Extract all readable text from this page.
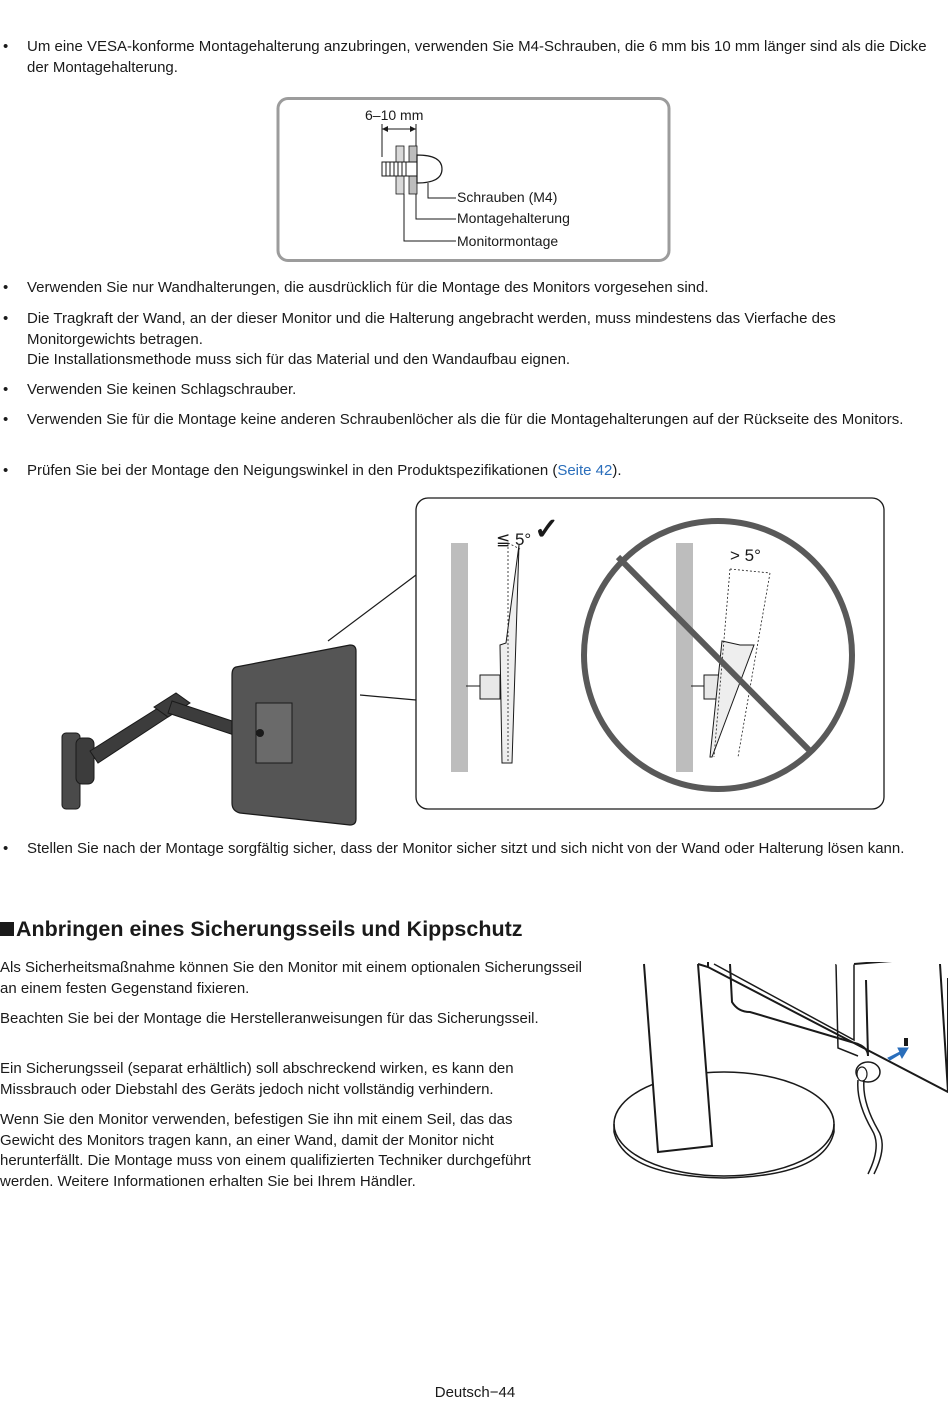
• Um eine VESA-konforme Montagehalterung anzubringen, verwenden Sie M4-Schrauben, die 6 mm bis 10 mm länger sind als die Dicke der Montagehalterung.
6–10 mm
Schrauben (M4)
Montagehalterung
Monitormontage
• Verwenden Sie nur Wandhalterungen, die ausdrücklich für die Montage des Monitors vorgesehen sind.
• Die Tragkraft der Wand, an der dieser Monitor und die Halterung angebracht werden, muss mindestens das Vierfache des Monitorgewichts betragen.
Die Installationsmethode muss sich für das Material und den Wandaufbau eignen.
• Verwenden Sie keinen Schlagschrauber.
• Verwenden Sie für die Montage keine anderen Schraubenlöcher als die für die Montagehalterungen auf der Rückseite des Monitors.
• Prüfen Sie bei der Montage den Neigungswinkel in den Produktspezifikationen (Seite 42).
≦ 5° ✓
> 5°
• Stellen Sie nach der Montage sorgfältig sicher, dass der Monitor sicher sitzt und sich nicht von der Wand oder Halterung lösen kann.
Anbringen eines Sicherungsseils und Kippschutz
Als Sicherheitsmaßnahme können Sie den Monitor mit einem optionalen Sicherungsseil an einem festen Gegenstand fixieren.
Beachten Sie bei der Montage die Herstelleranweisungen für das Sicherungsseil.
Ein Sicherungsseil (separat erhältlich) soll abschreckend wirken, es kann den Missbrauch oder Diebstahl des Geräts jedoch nicht vollständig verhindern.
Wenn Sie den Monitor verwenden, befestigen Sie ihn mit einem Seil, das das Gewicht des Monitors tragen kann, an einer Wand, damit der Monitor nicht herunterfällt. Die Montage muss von einem qualifizierten Techniker durchgeführt werden. Weitere Informationen erhalten Sie bei Ihrem Händler.
Deutsch−44
